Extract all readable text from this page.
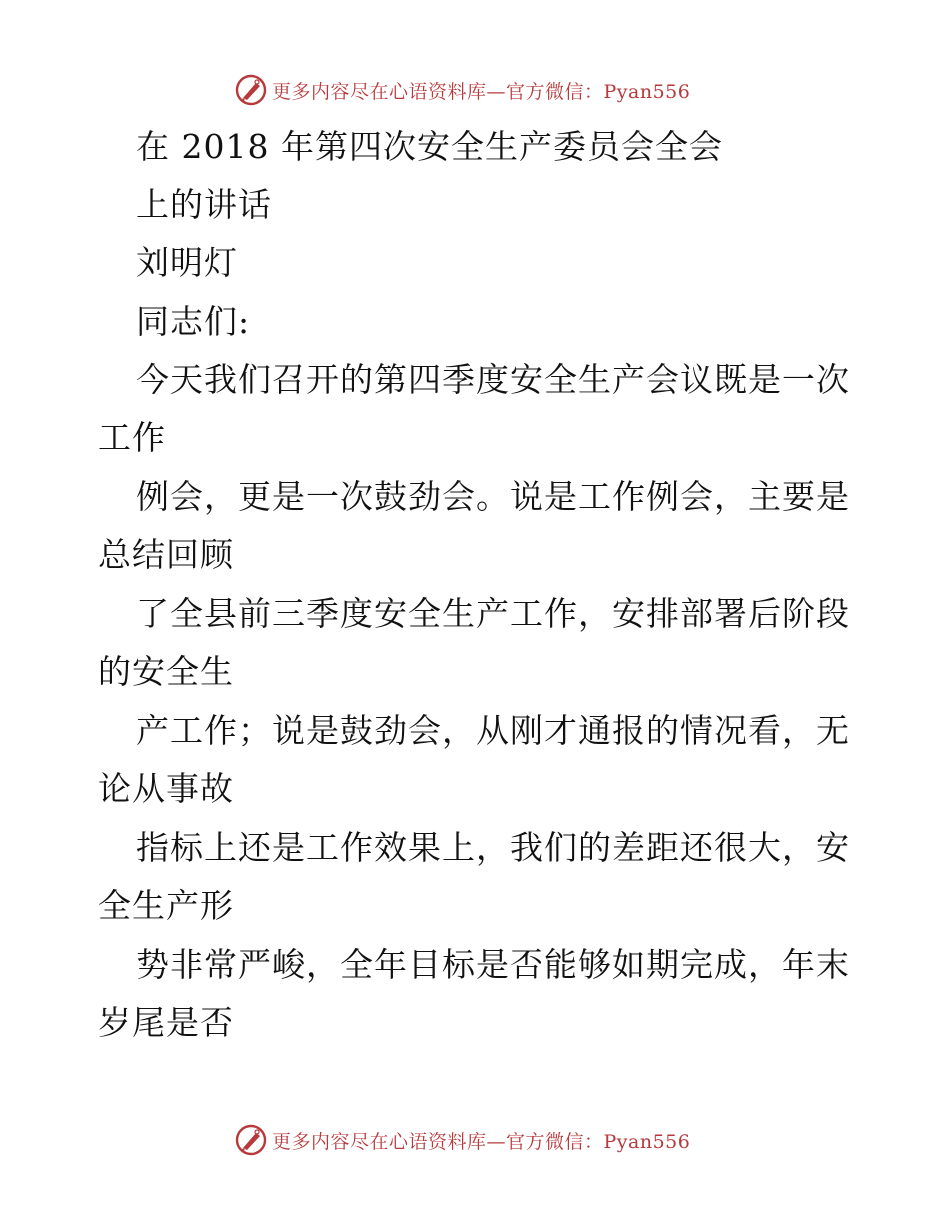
更多内容尽在心语资料库—官方微信：Pyan556
在 2018 年第四次安全生产委员会全会
上的讲话
刘明灯
同志们:
今天我们召开的第四季度安全生产会议既是一次
工作
例会，更是一次鼓劲会。说是工作例会，主要是
总结回顾
了全县前三季度安全生产工作，安排部署后阶段
的安全生
产工作；说是鼓劲会，从刚才通报的情况看，无
论从事故
指标上还是工作效果上，我们的差距还很大，安
全生产形
势非常严峻，全年目标是否能够如期完成，年末
岁尾是否
更多内容尽在心语资料库—官方微信：Pyan556
